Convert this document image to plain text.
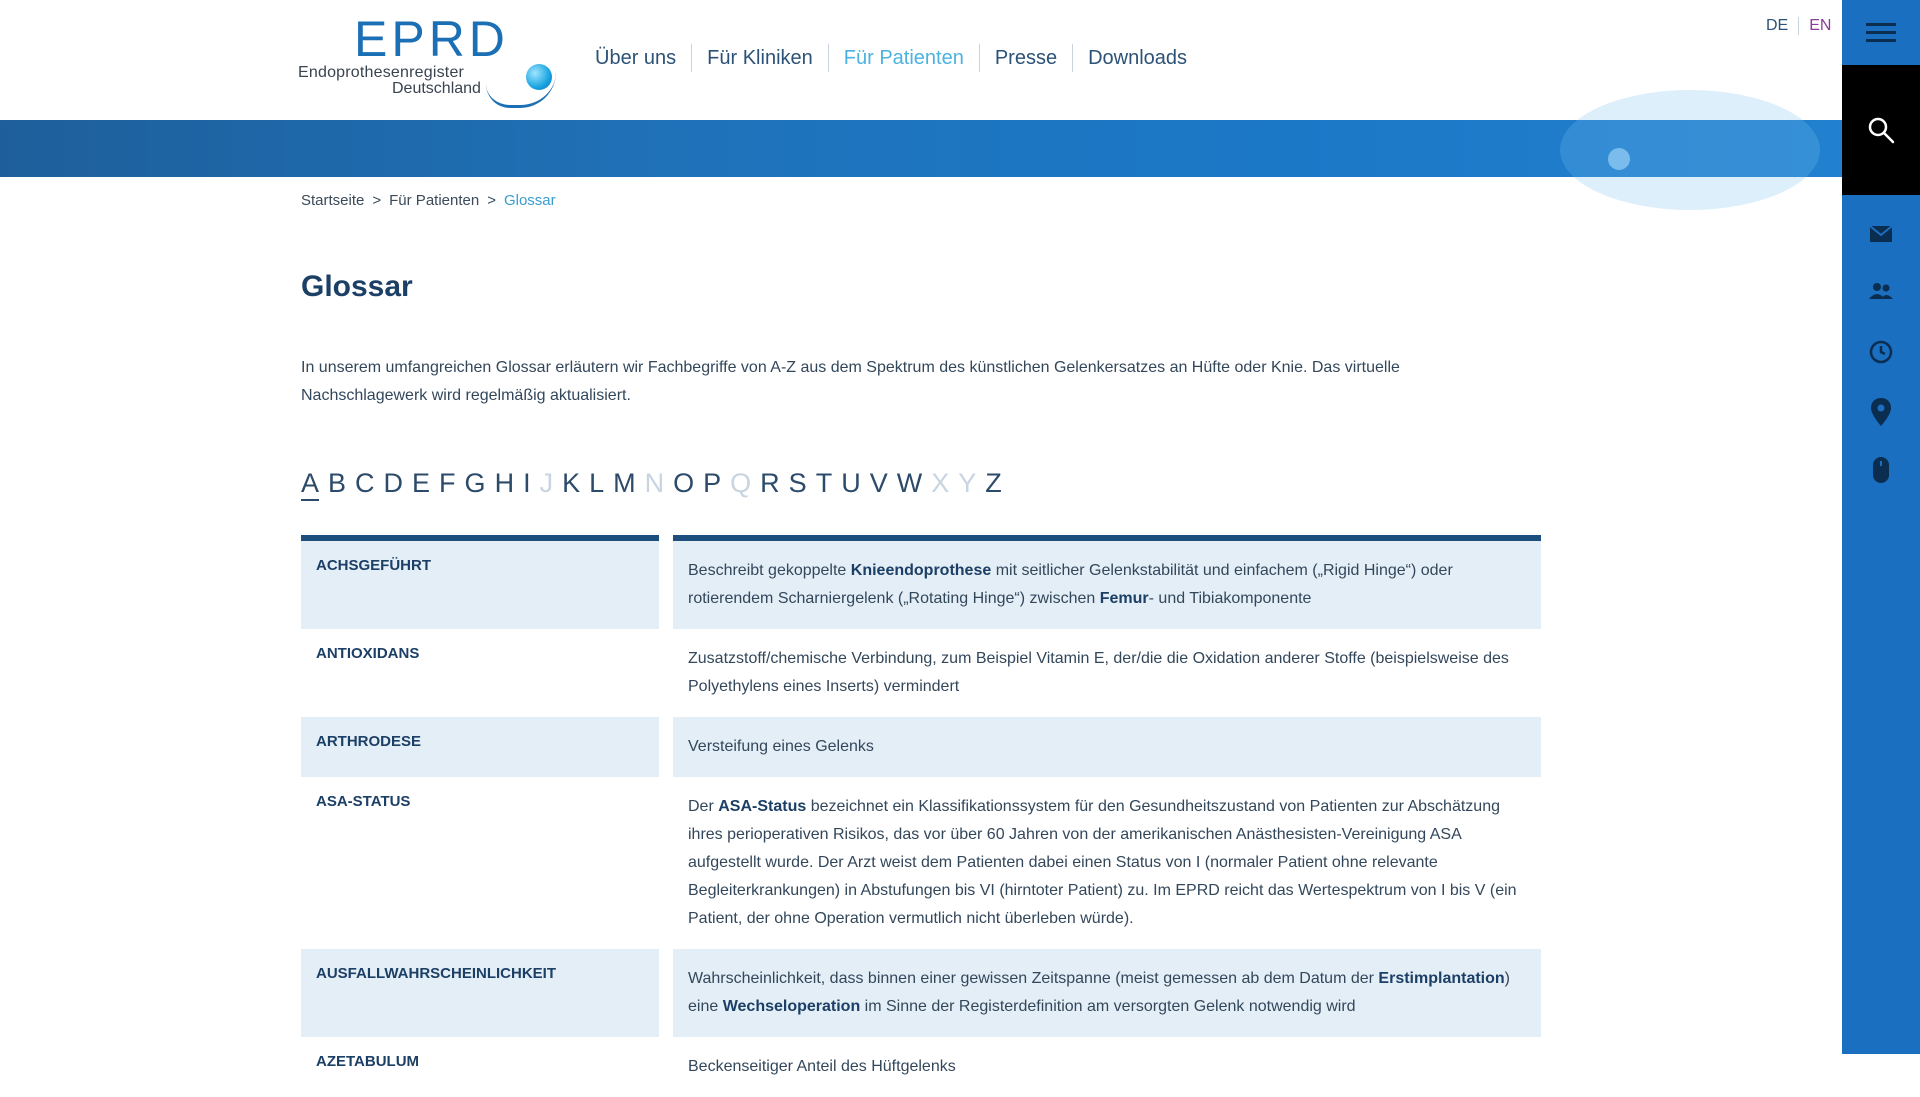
EPRD
Endoprothesenregister
Deutschland
Über uns	Für Kliniken	Für Patienten	Presse	Downloads
DE	EN
Startseite > Für Patienten > Glossar
Glossar

In unserem umfangreichen Glossar erläutern wir Fachbegriffe von A-Z aus dem Spektrum des künstlichen Gelenkersatzes an Hüfte oder Knie. Das virtuelle Nachschlagewerk wird regelmäßig aktualisiert.

A B C D E F G H I J K L M N O P Q R S T U V W X Y Z
ACHSGEFÜHRT	Beschreibt gekoppelte Knieendoprothese mit seitlicher Gelenkstabilität und einfachem („Rigid Hinge“) oder rotierendem Scharniergelenk („Rotating Hinge“) zwischen Femur- und Tibiakomponente
ANTIOXIDANS	Zusatzstoff/chemische Verbindung, zum Beispiel Vitamin E, der/die die Oxidation anderer Stoffe (beispielsweise des Polyethylens eines Inserts) vermindert
ARTHRODESE	Versteifung eines Gelenks
ASA-STATUS	Der ASA-Status bezeichnet ein Klassifikationssystem für den Gesundheitszustand von Patienten zur Abschätzung ihres perioperativen Risikos, das vor über 60 Jahren von der amerikanischen Anästhesisten-Vereinigung ASA aufgestellt wurde. Der Arzt weist dem Patienten dabei einen Status von I (normaler Patient ohne relevante Begleiterkrankungen) in Abstufungen bis VI (hirntoter Patient) zu. Im EPRD reicht das Wertespektrum von I bis V (ein Patient, der ohne Operation vermutlich nicht überleben würde).
AUSFALLWAHRSCHEINLICHKEIT	Wahrscheinlichkeit, dass binnen einer gewissen Zeitspanne (meist gemessen ab dem Datum der Erstimplantation) eine Wechseloperation im Sinne der Registerdefinition am versorgten Gelenk notwendig wird
AZETABULUM	Beckenseitiger Anteil des Hüftgelenks
